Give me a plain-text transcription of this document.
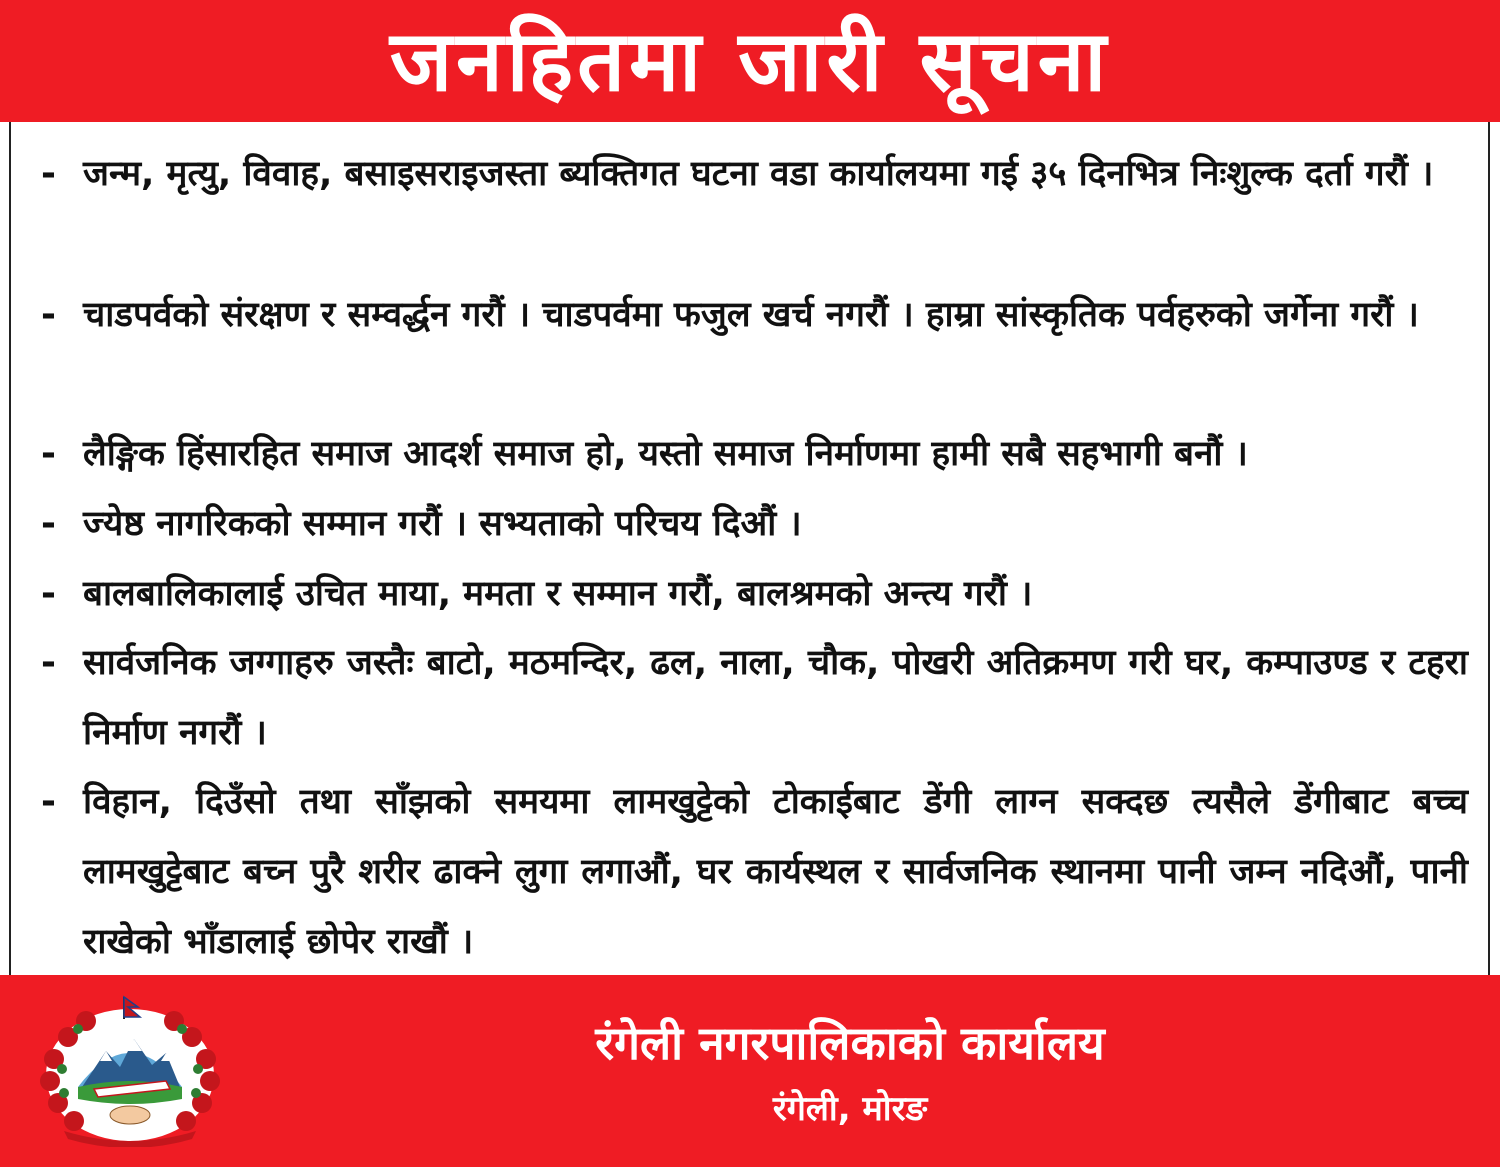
जनहितमा जारी सूचना
- जन्म, मृत्यु, विवाह, बसाइसराइजस्ता ब्यक्तिगत घटना वडा कार्यालयमा गई ३५ दिनभित्र निःशुल्क दर्ता गरौं ।
- चाडपर्वको संरक्षण र सम्वर्द्धन गरौं । चाडपर्वमा फजुल खर्च नगरौं । हाम्रा सांस्कृतिक पर्वहरुको जर्गेना गरौं ।
- लैङ्गिक हिंसारहित समाज आदर्श समाज हो, यस्तो समाज निर्माणमा हामी सबै सहभागी बनौं ।
- ज्येष्ठ नागरिकको सम्मान गरौं । सभ्यताको परिचय दिऔं ।
- बालबालिकालाई उचित माया, ममता र सम्मान गरौं, बालश्रमको अन्त्य गरौं ।
- सार्वजनिक जग्गाहरु जस्तैः बाटो, मठमन्दिर, ढल, नाला, चौक, पोखरी अतिक्रमण गरी घर, कम्पाउण्ड र टहरा निर्माण नगरौं ।
- विहान, दिउँसो तथा साँझको समयमा लामखुट्टेको टोकाईबाट डेंगी लाग्न सक्दछ त्यसैले डेंगीबाट बच्च लामखुट्टेबाट बच्न पुरै शरीर ढाक्ने लुगा लगाऔं, घर कार्यस्थल र सार्वजनिक स्थानमा पानी जम्न नदिऔं, पानी राखेको भाँडालाई छोपेर राखौं ।
रंगेली नगरपालिकाको कार्यालय
रंगेली, मोरङ
